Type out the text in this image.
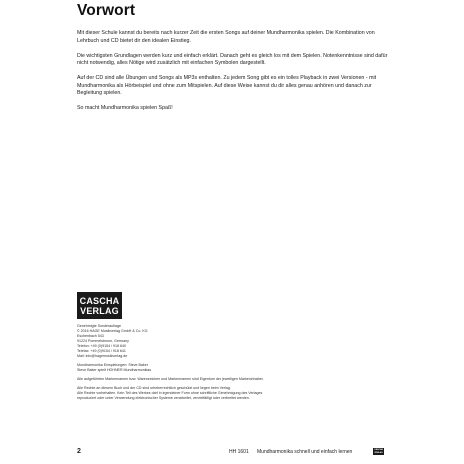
Vorwort

Mit dieser Schule kannst du bereits nach kurzer Zeit die ersten Songs auf deiner Mundharmonika spielen. Die Kombination von Lehrbuch und CD bietet dir den idealen Einstieg.

Die wichtigsten Grundlagen werden kurz und einfach erklärt. Danach geht es gleich los mit dem Spielen. Notenkenntnisse sind dafür nicht notwendig, alles Nötige wird zusätzlich mit einfachen Symbolen dargestellt.

Auf der CD sind alle Übungen und Songs als MP3s enthalten. Zu jedem Song gibt es ein tolles Playback in zwei Versionen - mit Mundharmonika als Hörbeispiel und ohne zum Mitspielen. Auf diese Weise kannst du dir alles genau anhören und danach zur Begleitung spielen.

So macht Mundharmonika spielen Spaß!

CASCHA
VERLAG
Genehmigte Sonderauflage
© 2016 HAGE Musikverlag GmbH & Co. KG
Eschenbach 543
91224 Pommelsbrunn, Germany
Telefon: +49 (0)9154 / 918 640
Telefax: +49 (0)9154 / 918 641
Mail: info@hagemusikverlag.de
Mundharmonika Einspielungen: Steve Baker
Steve Baker spielt HOHNER Mundharmonikas
Alle aufgeführten Markennamen bzw. Warenzeichen und Markennamen sind Eigentum der jeweiligen Markeninhaber.
Alle Rechte an diesem Buch und der CD sind urheberrechtlich geschützt und liegen beim Verlag.
Alle Rechte vorbehalten. Kein Teil des Werkes darf in irgendeiner Form ohne schriftliche Genehmigung des Verlages
reproduziert oder unter Verwendung elektronischer Systeme verarbeitet, vervielfältigt oder verbreitet werden.
2	HH 1601 Mundharmonika schnell und einfach lernen	CASCHA
VERLAG
